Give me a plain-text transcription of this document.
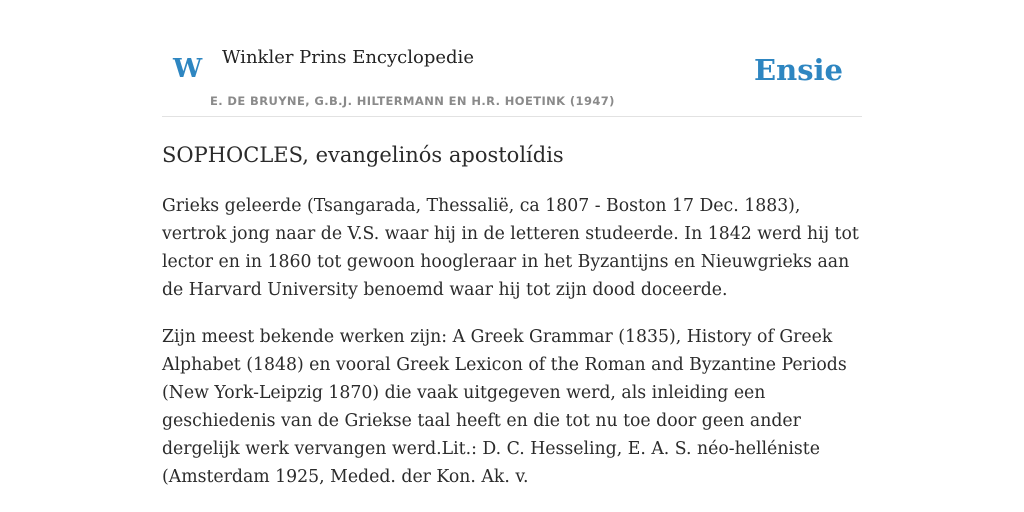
W Winkler Prins Encyclopedie
E. DE BRUYNE, G.B.J. HILTERMANN EN H.R. HOETINK (1947)
Ensie
SOPHOCLES, evangelinós apostolídis

Grieks geleerde (Tsangarada, Thessalië, ca 1807 - Boston 17 Dec. 1883), vertrok jong naar de V.S. waar hij in de letteren studeerde. In 1842 werd hij tot lector en in 1860 tot gewoon hoogleraar in het Byzantijns en Nieuwgrieks aan de Harvard University benoemd waar hij tot zijn dood doceerde.

Zijn meest bekende werken zijn: A Greek Grammar (1835), History of Greek Alphabet (1848) en vooral Greek Lexicon of the Roman and Byzantine Periods (New York-Leipzig 1870) die vaak uitgegeven werd, als inleiding een geschiedenis van de Griekse taal heeft en die tot nu toe door geen ander dergelijk werk vervangen werd.Lit.: D. C. Hesseling, E. A. S. néo-helléniste (Amsterdam 1925, Meded. der Kon. Ak. v.
